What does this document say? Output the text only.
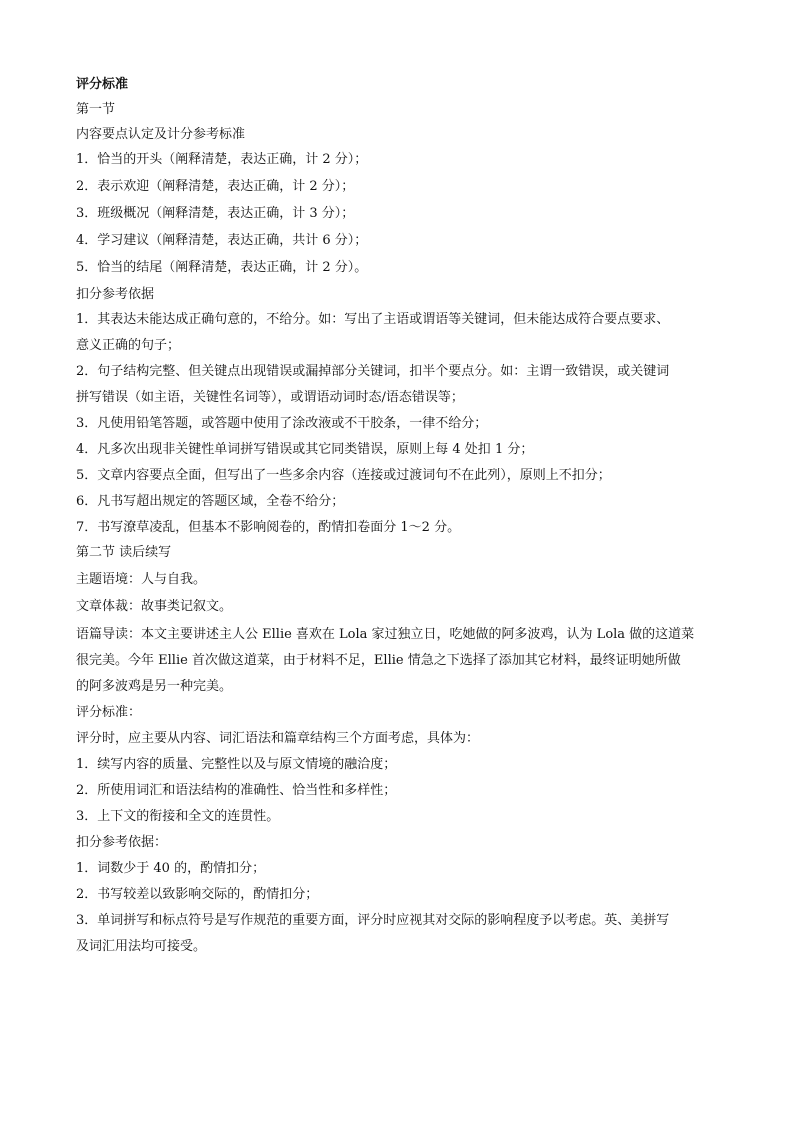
评分标准
第一节
内容要点认定及计分参考标准
1．恰当的开头（阐释清楚，表达正确，计 2 分）；
2．表示欢迎（阐释清楚，表达正确，计 2 分）；
3．班级概况（阐释清楚，表达正确，计 3 分）；
4．学习建议（阐释清楚，表达正确，共计 6 分）；
5．恰当的结尾（阐释清楚，表达正确，计 2 分）。
扣分参考依据
1．其表达未能达成正确句意的，不给分。如：写出了主语或谓语等关键词，但未能达成符合要点要求、
意义正确的句子；
2．句子结构完整、但关键点出现错误或漏掉部分关键词，扣半个要点分。如：主谓一致错误，或关键词
拼写错误（如主语，关键性名词等），或谓语动词时态/语态错误等；
3．凡使用铅笔答题，或答题中使用了涂改液或不干胶条，一律不给分；
4．凡多次出现非关键性单词拼写错误或其它同类错误，原则上每 4 处扣 1 分；
5．文章内容要点全面，但写出了一些多余内容（连接或过渡词句不在此列），原则上不扣分；
6．凡书写超出规定的答题区域，全卷不给分；
7．书写潦草凌乱，但基本不影响阅卷的，酌情扣卷面分 1～2 分。
第二节 读后续写
主题语境：人与自我。
文章体裁：故事类记叙文。
语篇导读：本文主要讲述主人公 Ellie 喜欢在 Lola 家过独立日，吃她做的阿多波鸡，认为 Lola 做的这道菜
很完美。今年 Ellie 首次做这道菜，由于材料不足，Ellie 情急之下选择了添加其它材料，最终证明她所做
的阿多波鸡是另一种完美。
评分标准：
评分时，应主要从内容、词汇语法和篇章结构三个方面考虑，具体为：
1．续写内容的质量、完整性以及与原文情境的融洽度；
2．所使用词汇和语法结构的准确性、恰当性和多样性；
3．上下文的衔接和全文的连贯性。
扣分参考依据：
1．词数少于 40 的，酌情扣分；
2．书写较差以致影响交际的，酌情扣分；
3．单词拼写和标点符号是写作规范的重要方面，评分时应视其对交际的影响程度予以考虑。英、美拼写
及词汇用法均可接受。
